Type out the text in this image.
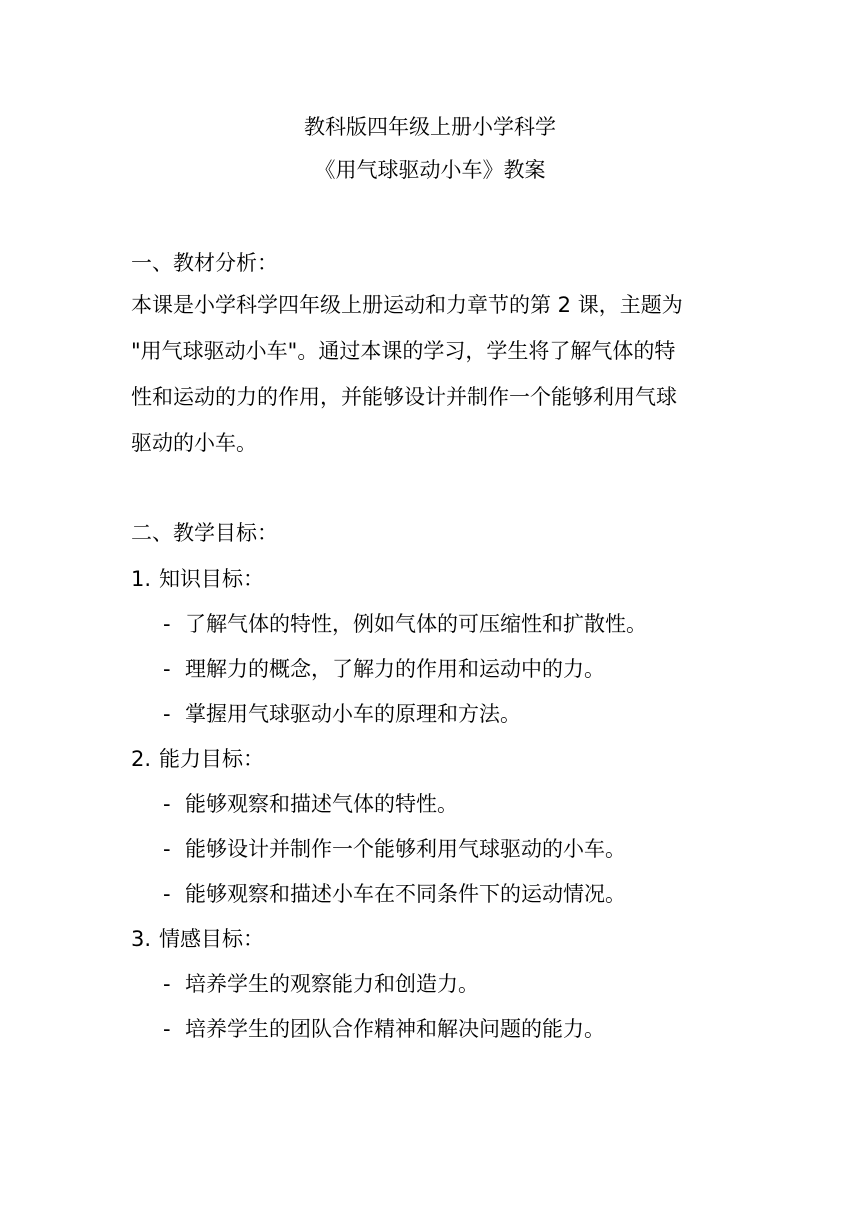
教科版四年级上册小学科学
《用气球驱动小车》教案
一、教材分析：
本课是小学科学四年级上册运动和力章节的第 2 课，主题为
"用气球驱动小车"。通过本课的学习，学生将了解气体的特
性和运动的力的作用，并能够设计并制作一个能够利用气球
驱动的小车。
二、教学目标：
1. 知识目标：
- 了解气体的特性，例如气体的可压缩性和扩散性。
- 理解力的概念，了解力的作用和运动中的力。
- 掌握用气球驱动小车的原理和方法。
2. 能力目标：
- 能够观察和描述气体的特性。
- 能够设计并制作一个能够利用气球驱动的小车。
- 能够观察和描述小车在不同条件下的运动情况。
3. 情感目标：
- 培养学生的观察能力和创造力。
- 培养学生的团队合作精神和解决问题的能力。
